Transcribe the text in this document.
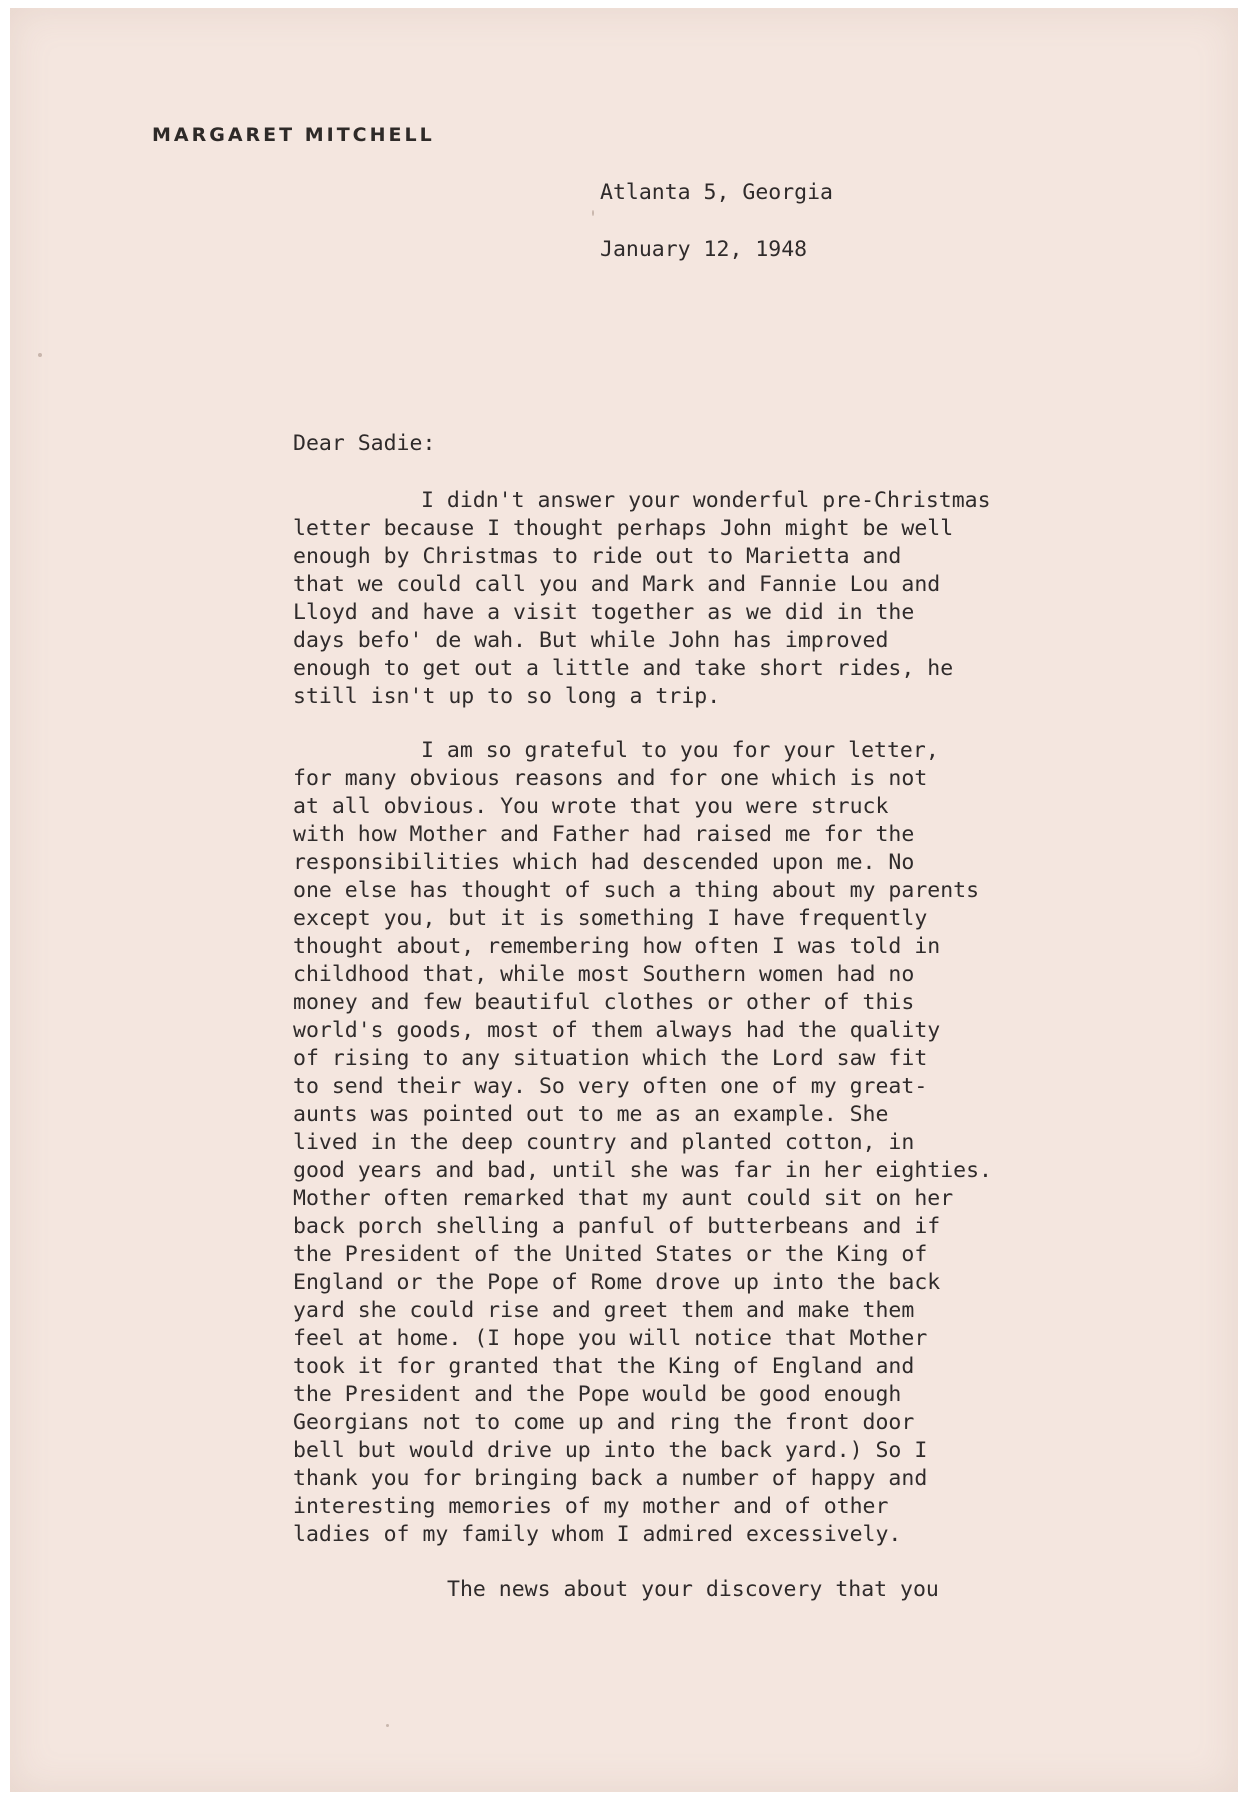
MARGARET MITCHELL
Atlanta 5, Georgia
January 12, 1948
Dear Sadie:
I didn't answer your wonderful pre-Christmas
letter because I thought perhaps John might be well
enough by Christmas to ride out to Marietta and
that we could call you and Mark and Fannie Lou and
Lloyd and have a visit together as we did in the
days befo' de wah. But while John has improved
enough to get out a little and take short rides, he
still isn't up to so long a trip.
I am so grateful to you for your letter,
for many obvious reasons and for one which is not
at all obvious. You wrote that you were struck
with how Mother and Father had raised me for the
responsibilities which had descended upon me. No
one else has thought of such a thing about my parents
except you, but it is something I have frequently
thought about, remembering how often I was told in
childhood that, while most Southern women had no
money and few beautiful clothes or other of this
world's goods, most of them always had the quality
of rising to any situation which the Lord saw fit
to send their way. So very often one of my great-
aunts was pointed out to me as an example. She
lived in the deep country and planted cotton, in
good years and bad, until she was far in her eighties.
Mother often remarked that my aunt could sit on her
back porch shelling a panful of butterbeans and if
the President of the United States or the King of
England or the Pope of Rome drove up into the back
yard she could rise and greet them and make them
feel at home. (I hope you will notice that Mother
took it for granted that the King of England and
the President and the Pope would be good enough
Georgians not to come up and ring the front door
bell but would drive up into the back yard.) So I
thank you for bringing back a number of happy and
interesting memories of my mother and of other
ladies of my family whom I admired excessively.
The news about your discovery that you
